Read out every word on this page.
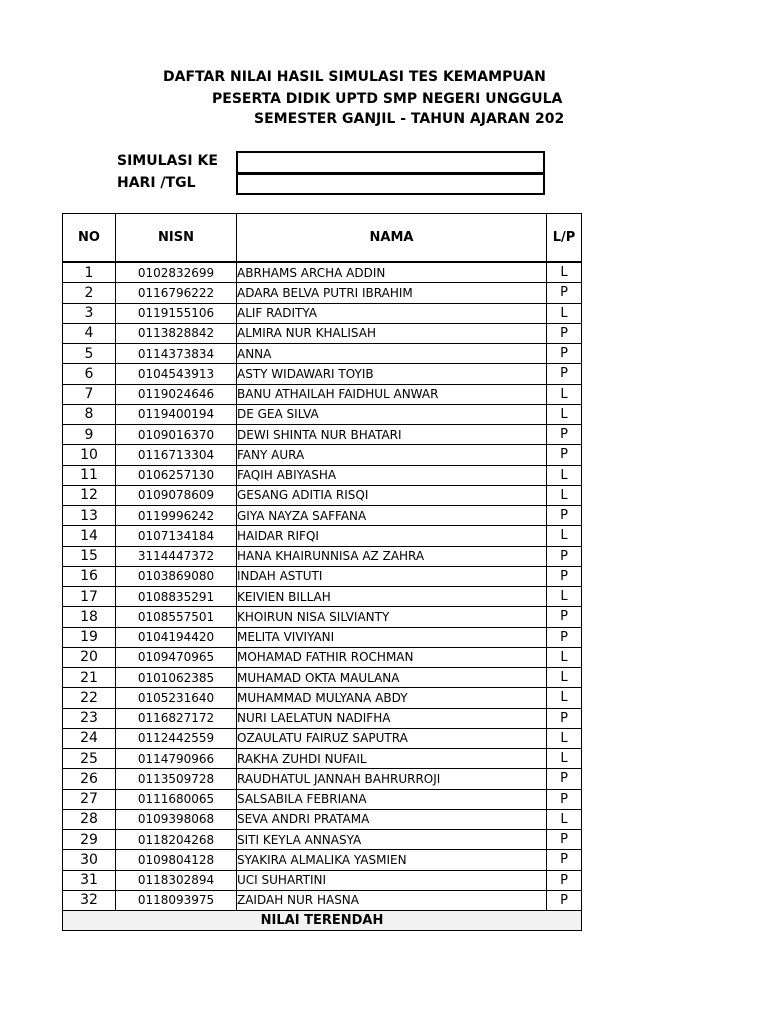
DAFTAR NILAI HASIL SIMULASI TES KEMAMPUAN
PESERTA DIDIK UPTD SMP NEGERI UNGGULA
SEMESTER GANJIL - TAHUN AJARAN 202
SIMULASI KE
HARI /TGL
NO	NISN	NAMA	L/P
1	0102832699	ABRHAMS ARCHA ADDIN	L
2	0116796222	ADARA BELVA PUTRI IBRAHIM	P
3	0119155106	ALIF RADITYA	L
4	0113828842	ALMIRA NUR KHALISAH	P
5	0114373834	ANNA	P
6	0104543913	ASTY WIDAWARI TOYIB	P
7	0119024646	BANU ATHAILAH FAIDHUL ANWAR	L
8	0119400194	DE GEA SILVA	L
9	0109016370	DEWI SHINTA NUR BHATARI	P
10	0116713304	FANY AURA	P
11	0106257130	FAQIH ABIYASHA	L
12	0109078609	GESANG ADITIA RISQI	L
13	0119996242	GIYA NAYZA SAFFANA	P
14	0107134184	HAIDAR RIFQI	L
15	3114447372	HANA KHAIRUNNISA AZ ZAHRA	P
16	0103869080	INDAH ASTUTI	P
17	0108835291	KEIVIEN BILLAH	L
18	0108557501	KHOIRUN NISA SILVIANTY	P
19	0104194420	MELITA VIVIYANI	P
20	0109470965	MOHAMAD FATHIR ROCHMAN	L
21	0101062385	MUHAMAD OKTA MAULANA	L
22	0105231640	MUHAMMAD MULYANA ABDY	L
23	0116827172	NURI LAELATUN NADIFHA	P
24	0112442559	OZAULATU FAIRUZ SAPUTRA	L
25	0114790966	RAKHA ZUHDI NUFAIL	L
26	0113509728	RAUDHATUL JANNAH BAHRURROJI	P
27	0111680065	SALSABILA FEBRIANA	P
28	0109398068	SEVA ANDRI PRATAMA	L
29	0118204268	SITI KEYLA ANNASYA	P
30	0109804128	SYAKIRA ALMALIKA YASMIEN	P
31	0118302894	UCI SUHARTINI	P
32	0118093975	ZAIDAH NUR HASNA	P
NILAI TERENDAH			
